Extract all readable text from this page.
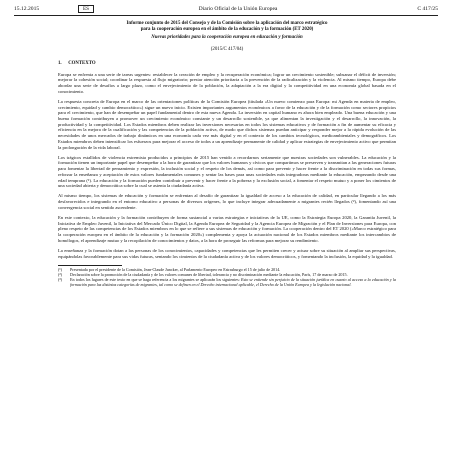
15.12.2015	ES	Diario Oficial de la Unión Europea	C 417/25
Informe conjunto de 2015 del Consejo y de la Comisión sobre la aplicación del marco estratégico
para la cooperación europea en el ámbito de la educación y la formación (ET 2020)
Nuevas prioridades para la cooperación europea en educación y formación
(2015/C 417/04)
1. CONTEXTO

Europa se enfrenta a una serie de tareas urgentes: restablecer la creación de empleo y la recuperación económica; lograr un crecimiento sostenible; subsanar el déficit de inversión; mejorar la cohesión social; coordinar la respuesta al flujo migratorio; prestar atención prioritaria a la prevención de la radicalización y la violencia. Al mismo tiempo, Europa debe abordar una serie de desafíos a largo plazo, como el envejecimiento de la población, la adaptación a la era digital y la competitividad en una economía global basada en el conocimiento.

La respuesta concreta de Europa en el marco de las orientaciones políticas de la Comisión Europea (titulada «Un nuevo comienzo para Europa: mi Agenda en materia de empleo, crecimiento, equidad y cambio democrático») sigue un nuevo inicio. Existen importantes argumentos económicos a favor de la educación y de la formación como sectores propicios para el crecimiento, que han de desempeñar un papel fundamental dentro de esta nueva Agenda. La inversión en capital humano es ahora bien empleado. Una buena educación y una buena formación contribuyen a promover un crecimiento económico constante y un desarrollo sostenible, ya que alimentan la investigación y el desarrollo, la innovación, la productividad y la competitividad. Los Estados miembros deben realizar las inversiones necesarias en todos los sistemas educativos y de formación a fin de aumentar su eficacia y eficiencia en la mejora de la cualificación y las competencias de la población activa, de modo que dichos sistemas puedan anticipar y responder mejor a la rápida evolución de las necesidades de unos mercados de trabajo dinámicos en una economía cada vez más digital y en el contexto de los cambios tecnológicos, medioambientales y demográficos. Los Estados miembros deben intensificar los esfuerzos para mejorar el acceso de todos a un aprendizaje permanente de calidad y aplicar estrategias de envejecimiento activo que permitan la prolongación de la vida laboral.

Los trágicos estallidos de violencia extremista producidos a principios de 2015 han venido a recordarnos seriamente que nuestras sociedades son vulnerables. La educación y la formación tienen un importante papel que desempeñar a la hora de garantizar que los valores humanos y cívicos que compartimos se preserven y transmitan a las generaciones futuras para fomentar la libertad de pensamiento y expresión, la inclusión social y el respeto de los demás, así como para prevenir y hacer frente a la discriminación en todas sus formas, reforzar la enseñanza y aceptación de estos valores fundamentales comunes y sentar las bases para unas sociedades más integradoras mediante la educación, empezando desde una edad temprana (¹). La educación y la formación pueden contribuir a prevenir y hacer frente a la pobreza y la exclusión social, a fomentar el respeto mutuo y a poner los cimientos de una sociedad abierta y democrática sobre la cual se asienta la ciudadanía activa.

Al mismo tiempo, los sistemas de educación y formación se enfrentan al desafío de garantizar la igualdad de acceso a la educación de calidad, en particular llegando a los más desfavorecidos e integrando en el entorno educativo a personas de diversos orígenes, lo que incluye integrar adecuadamente a migrantes recién llegados (²), fomentando así una convergencia social en sentido ascendente.

En este contexto, la educación y la formación contribuyen de forma sustancial a varias estrategias e iniciativas de la UE, como la Estrategia Europa 2020, la Garantía Juvenil, la Iniciativa de Empleo Juvenil, la Iniciativa del Mercado Único Digital, la Agenda Europea de Seguridad y la Agencia Europea de Migración y el Plan de Inversiones para Europa, con pleno respeto de las competencias de los Estados miembros en lo que se refiere a sus sistemas de educación y formación. La cooperación dentro del ET 2020 («Marco estratégico para la cooperación europea en el ámbito de la educación y la formación 2020») complementa y apoya la actuación nacional de los Estados miembros mediante los intercambios de homólogos, el aprendizaje mutuo y la recopilación de conocimientos y datos, a la hora de proseguir las reformas para mejorar su rendimiento.

La enseñanza y la formación dotan a las personas de los conocimientos, capacidades y competencias que les permiten crecer y actuar sobre su situación al ampliar sus perspectivas, equipándolas favorablemente para sus vidas futuras, sentando los cimientos de la ciudadanía activa y de los valores democráticos, y fomentando la inclusión, la equidad y la igualdad.

(¹)	Presentada por el presidente de la Comisión, Jean-Claude Juncker, al Parlamento Europeo en Estrasburgo el 15 de julio de 2014.
(²)	Declaración sobre la promoción de la ciudadanía y de los valores comunes de libertad, tolerancia y no discriminación mediante la educación, París, 17 de marzo de 2015.
(³)	En todos los lugares de este texto en que se haga referencia a los migrantes se aplicarán los siguientes: Esto se entiende sin perjuicio de la situación jurídica en cuanto al acceso a la educación y la formación para las distintas categorías de migrantes, tal como se definen en el Derecho internacional aplicable, el Derecho de la Unión Europea y la legislación nacional.
